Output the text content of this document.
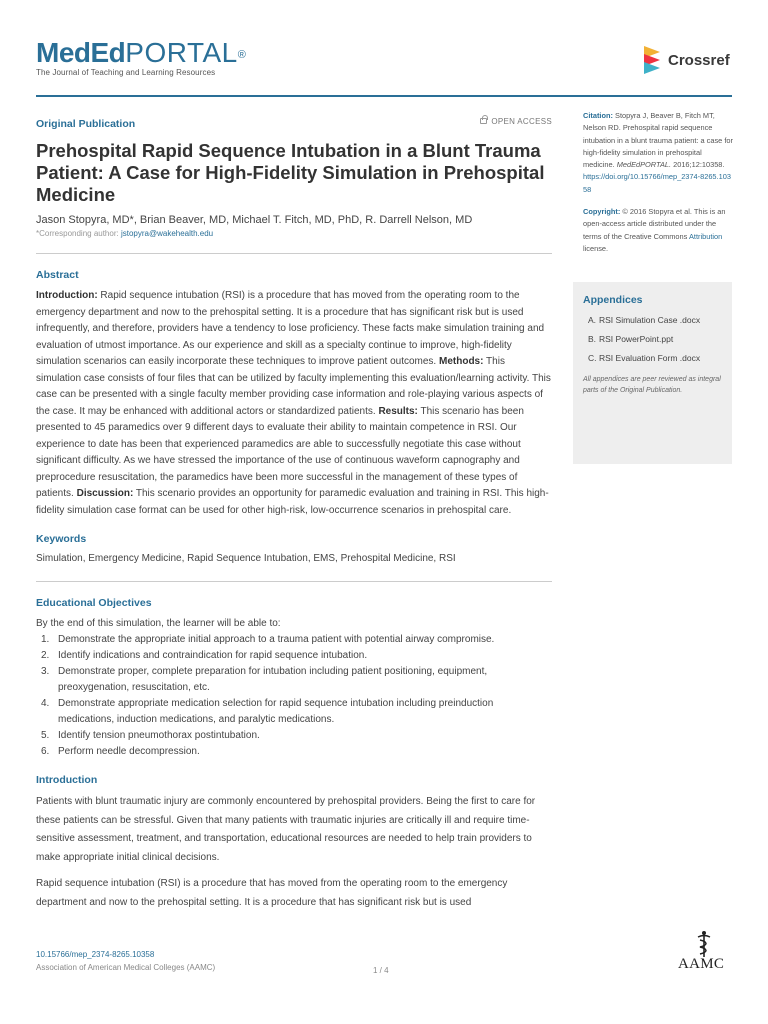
MedEdPORTAL®
The Journal of Teaching and Learning Resources
Crossref
Original Publication	OPEN ACCESS
Prehospital Rapid Sequence Intubation in a Blunt Trauma Patient: A Case for High-Fidelity Simulation in Prehospital Medicine
Jason Stopyra, MD*, Brian Beaver, MD, Michael T. Fitch, MD, PhD, R. Darrell Nelson, MD
*Corresponding author: jstopyra@wakehealth.edu
Abstract

Introduction: Rapid sequence intubation (RSI) is a procedure that has moved from the operating room to the emergency department and now to the prehospital setting. It is a procedure that has significant risk but is used infrequently, and therefore, providers have a tendency to lose proficiency. These facts make simulation training and evaluation of utmost importance. As our experience and skill as a specialty continue to improve, high-fidelity simulation scenarios can easily incorporate these techniques to improve patient outcomes. Methods: This simulation case consists of four files that can be utilized by faculty implementing this evaluation/learning activity. This case can be presented with a single faculty member providing case information and role-playing various aspects of the case. It may be enhanced with additional actors or standardized patients. Results: This scenario has been presented to 45 paramedics over 9 different days to evaluate their ability to maintain competence in RSI. Our experience to date has been that experienced paramedics are able to successfully negotiate this case without significant difficulty. As we have stressed the importance of the use of continuous waveform capnography and preprocedure resuscitation, the paramedics have been more successful in the management of these types of patients. Discussion: This scenario provides an opportunity for paramedic evaluation and training in RSI. This high-fidelity simulation case format can be used for other high-risk, low-occurrence scenarios in prehospital care.

Keywords
Simulation, Emergency Medicine, Rapid Sequence Intubation, EMS, Prehospital Medicine, RSI
Educational Objectives
By the end of this simulation, the learner will be able to:
1. Demonstrate the appropriate initial approach to a trauma patient with potential airway compromise.
2. Identify indications and contraindication for rapid sequence intubation.
3. Demonstrate proper, complete preparation for intubation including patient positioning, equipment, preoxygenation, resuscitation, etc.
4. Demonstrate appropriate medication selection for rapid sequence intubation including preinduction medications, induction medications, and paralytic medications.
5. Identify tension pneumothorax postintubation.
6. Perform needle decompression.
Introduction

Patients with blunt traumatic injury are commonly encountered by prehospital providers. Being the first to care for these patients can be stressful. Given that many patients with traumatic injuries are critically ill and require time-sensitive assessment, treatment, and transportation, educational resources are needed to help train providers to make appropriate initial clinical decisions.

Rapid sequence intubation (RSI) is a procedure that has moved from the operating room to the emergency department and now to the prehospital setting. It is a procedure that has significant risk but is used

Citation: Stopyra J, Beaver B, Fitch MT, Nelson RD. Prehospital rapid sequence intubation in a blunt trauma patient: a case for high-fidelity simulation in prehospital medicine. MedEdPORTAL. 2016;12:10358.
https://doi.org/10.15766/mep_2374-8265.10358

Copyright: © 2016 Stopyra et al. This is an open-access article distributed under the terms of the Creative Commons Attribution license.

Appendices
A. RSI Simulation Case .docx
B. RSI PowerPoint.ppt
C. RSI Evaluation Form .docx

All appendices are peer reviewed as integral parts of the Original Publication.

10.15766/mep_2374-8265.10358
Association of American Medical Colleges (AAMC)	1 / 4	AAMC
